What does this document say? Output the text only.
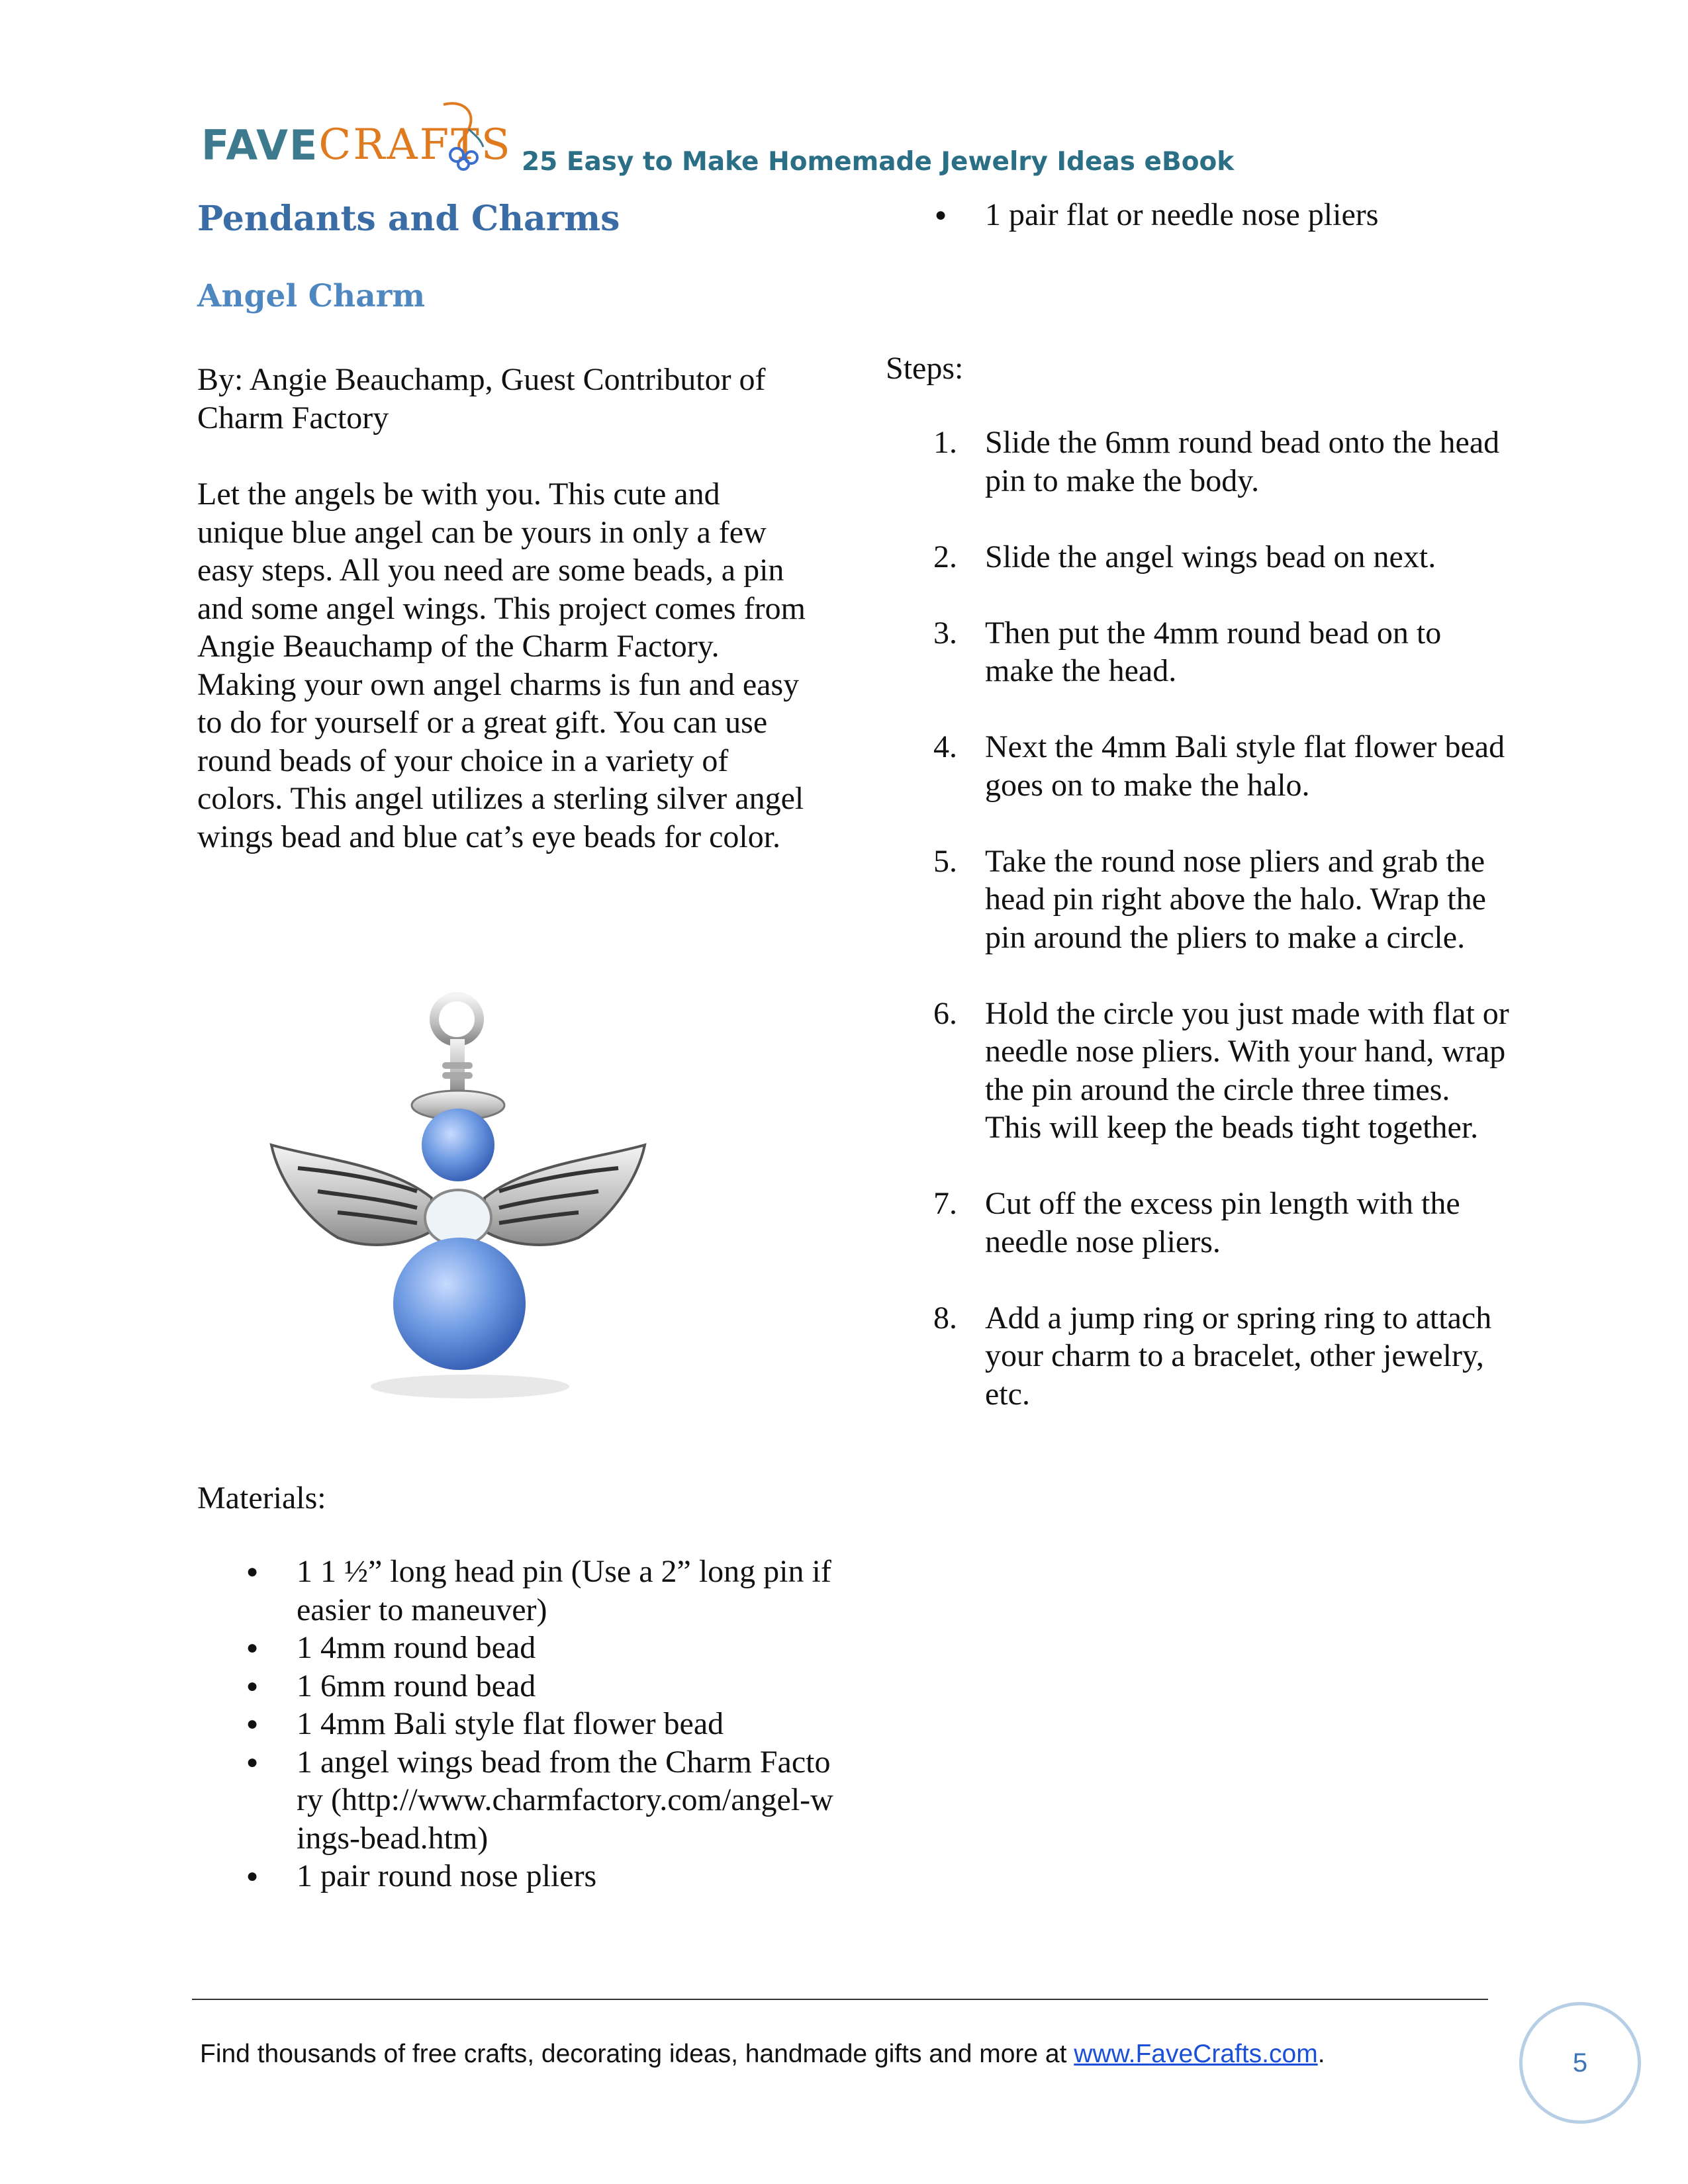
FAVE CRAFTS 25 Easy to Make Homemade Jewelry Ideas eBook
Pendants and Charms
Angel Charm
By: Angie Beauchamp, Guest Contributor of Charm Factory
Let the angels be with you. This cute and unique blue angel can be yours in only a few easy steps. All you need are some beads, a pin and some angel wings. This project comes from Angie Beauchamp of the Charm Factory. Making your own angel charms is fun and easy to do for yourself or a great gift. You can use round beads of your choice in a variety of colors. This angel utilizes a sterling silver angel wings bead and blue cat’s eye beads for color.
Materials:
● 1 1 ½” long head pin (Use a 2” long pin if easier to maneuver)
● 1 4mm round bead
● 1 6mm round bead
● 1 4mm Bali style flat flower bead
● 1 angel wings bead from the Charm Factory (http://www.charmfactory.com/angel-wings-bead.htm)
● 1 pair round nose pliers
● 1 pair flat or needle nose pliers
Steps:
1. Slide the 6mm round bead onto the head pin to make the body.
2. Slide the angel wings bead on next.
3. Then put the 4mm round bead on to make the head.
4. Next the 4mm Bali style flat flower bead goes on to make the halo.
5. Take the round nose pliers and grab the head pin right above the halo. Wrap the pin around the pliers to make a circle.
6. Hold the circle you just made with flat or needle nose pliers. With your hand, wrap the pin around the circle three times. This will keep the beads tight together.
7. Cut off the excess pin length with the needle nose pliers.
8. Add a jump ring or spring ring to attach your charm to a bracelet, other jewelry, etc.
Find thousands of free crafts, decorating ideas, handmade gifts and more at www.FaveCrafts.com.	5
